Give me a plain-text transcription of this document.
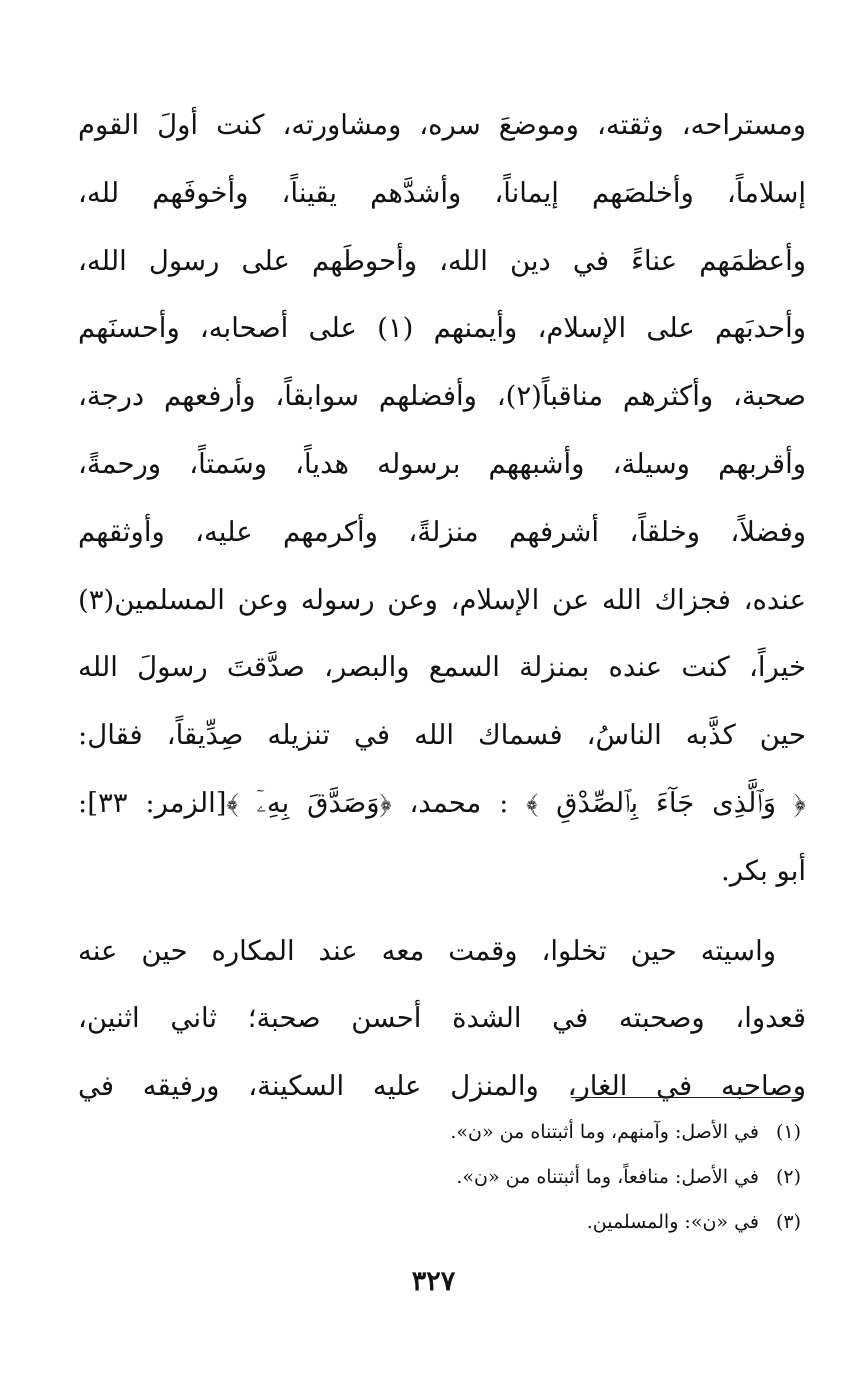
ومستراحه، وثقته، وموضعَ سره، ومشاورته، كنت أولَ القوم
إسلاماً، وأخلصَهم إيماناً، وأشدَّهم يقيناً، وأخوفَهم لله،
وأعظمَهم عناءً في دين الله، وأحوطَهم على رسول الله،
وأحدبَهم على الإسلام، وأيمنهم (١) على أصحابه، وأحسنَهم
صحبة، وأكثرهم مناقباً(٢)، وأفضلهم سوابقاً، وأرفعهم درجة،
وأقربهم وسيلة، وأشبههم برسوله هدياً، وسَمتاً، ورحمةً،
وفضلاً، وخلقاً، أشرفهم منزلةً، وأكرمهم عليه، وأوثقهم
عنده، فجزاك الله عن الإسلام، وعن رسوله وعن المسلمين(٣)
خيراً، كنت عنده بمنزلة السمع والبصر، صدَّقتَ رسولَ الله
حين كذَّبه الناسُ، فسماك الله في تنزيله صِدِّيقاً، فقال:
﴿ وَٱلَّذِى جَآءَ بِٱلصِّدْقِ ﴾ : محمد، ﴿وَصَدَّقَ بِهِۦٓ ﴾[الزمر: ٣٣]:
أبو بكر.
واسيته حين تخلوا، وقمت معه عند المكاره حين عنه
قعدوا، وصحبته في الشدة أحسن صحبة؛ ثاني اثنين،
وصاحبه في الغار، والمنزل عليه السكينة، ورفيقه في
(١)في الأصل: وآمنهم، وما أثبتناه من «ن».
(٢)في الأصل: منافعاً، وما أثبتناه من «ن».
(٣)في «ن»: والمسلمين.
٣٢٧
